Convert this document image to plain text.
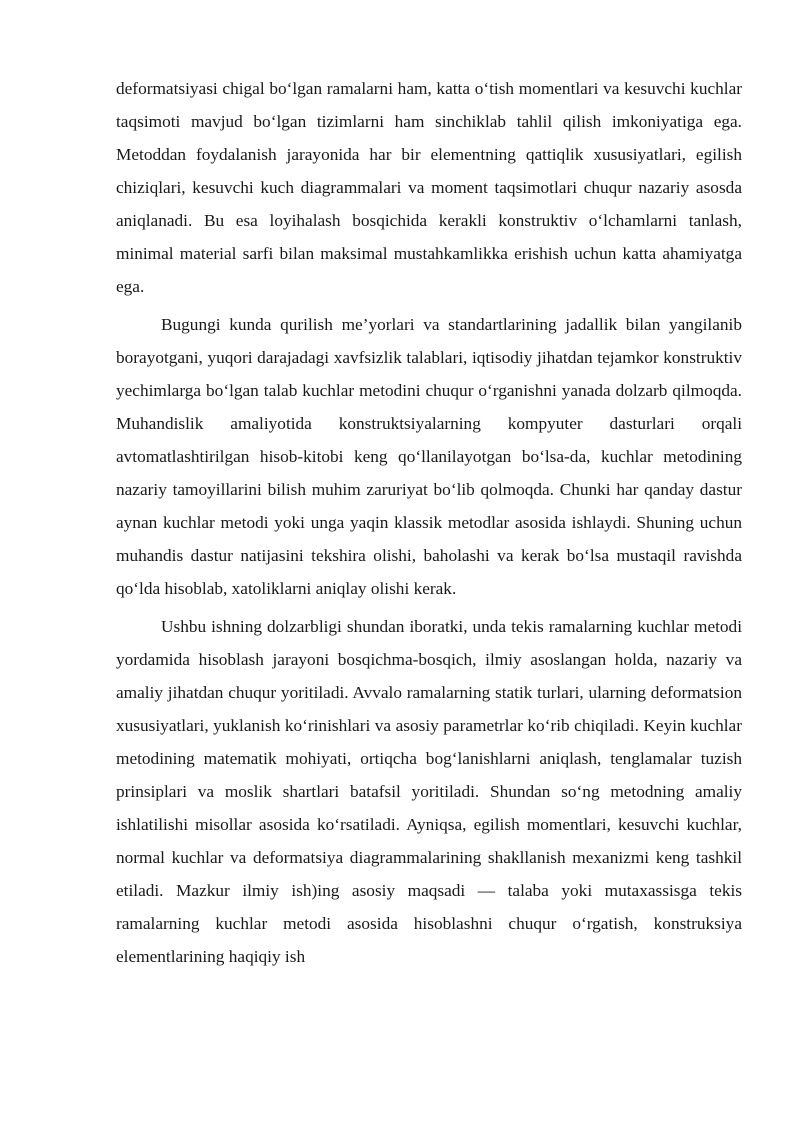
deformatsiyasi chigal bo‘lgan ramalarni ham, katta o‘tish momentlari va kesuvchi kuchlar taqsimoti mavjud bo‘lgan tizimlarni ham sinchiklab tahlil qilish imkoniyatiga ega. Metoddan foydalanish jarayonida har bir elementning qattiqlik xususiyatlari, egilish chiziqlari, kesuvchi kuch diagrammalari va moment taqsimotlari chuqur nazariy asosda aniqlanadi. Bu esa loyihalash bosqichida kerakli konstruktiv o‘lchamlarni tanlash, minimal material sarfi bilan maksimal mustahkamlikka erishish uchun katta ahamiyatga ega.

Bugungi kunda qurilish me’yorlari va standartlarining jadallik bilan yangilanib borayotgani, yuqori darajadagi xavfsizlik talablari, iqtisodiy jihatdan tejamkor konstruktiv yechimlarga bo‘lgan talab kuchlar metodini chuqur o‘rganishni yanada dolzarb qilmoqda. Muhandislik amaliyotida konstruktsiyalarning kompyuter dasturlari orqali avtomatlashtirilgan hisob-kitobi keng qo‘llanilayotgan bo‘lsa-da, kuchlar metodining nazariy tamoyillarini bilish muhim zaruriyat bo‘lib qolmoqda. Chunki har qanday dastur aynan kuchlar metodi yoki unga yaqin klassik metodlar asosida ishlaydi. Shuning uchun muhandis dastur natijasini tekshira olishi, baholashi va kerak bo‘lsa mustaqil ravishda qo‘lda hisoblab, xatoliklarni aniqlay olishi kerak.

Ushbu ishning dolzarbligi shundan iboratki, unda tekis ramalarning kuchlar metodi yordamida hisoblash jarayoni bosqichma-bosqich, ilmiy asoslangan holda, nazariy va amaliy jihatdan chuqur yoritiladi. Avvalo ramalarning statik turlari, ularning deformatsion xususiyatlari, yuklanish ko‘rinishlari va asosiy parametrlar ko‘rib chiqiladi. Keyin kuchlar metodining matematik mohiyati, ortiqcha bog‘lanishlarni aniqlash, tenglamalar tuzish prinsiplari va moslik shartlari batafsil yoritiladi. Shundan so‘ng metodning amaliy ishlatilishi misollar asosida ko‘rsatiladi. Ayniqsa, egilish momentlari, kesuvchi kuchlar, normal kuchlar va deformatsiya diagrammalarining shakllanish mexanizmi keng tashkil etiladi. Mazkur ilmiy ish)ing asosiy maqsadi — talaba yoki mutaxassisga tekis ramalarning kuchlar metodi asosida hisoblashni chuqur o‘rgatish, konstruksiya elementlarining haqiqiy ish
